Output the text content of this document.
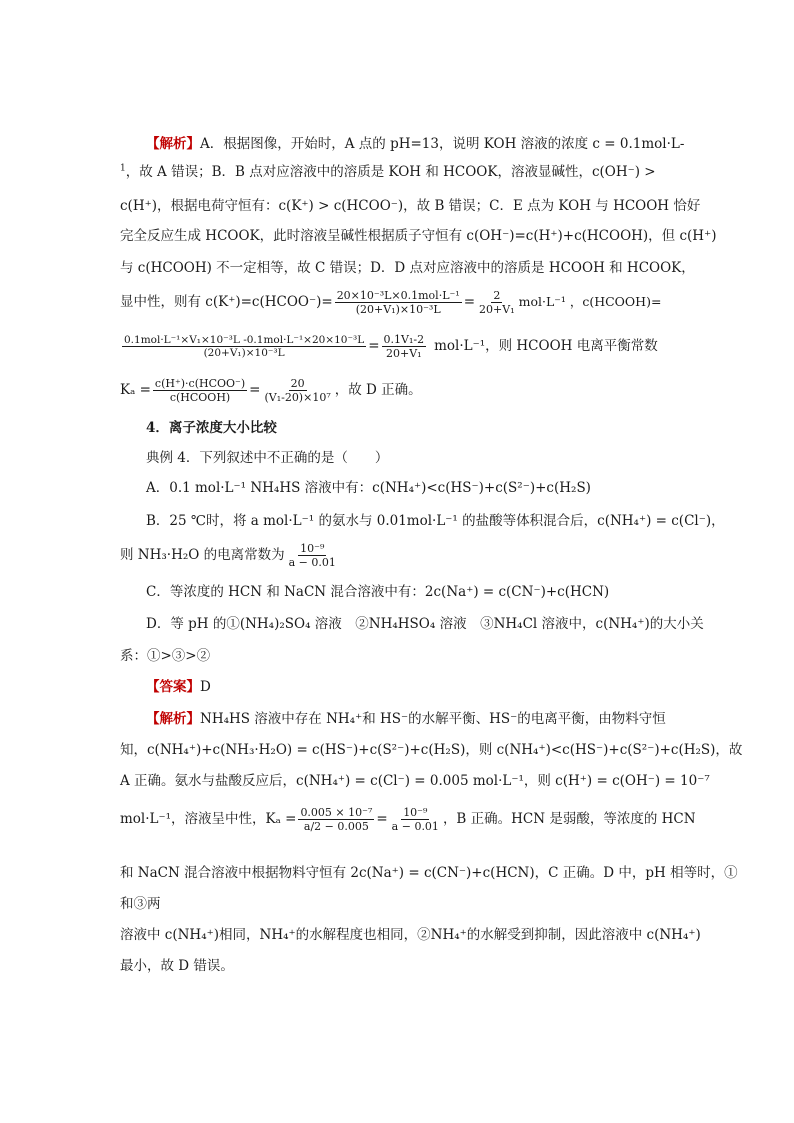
【解析】A．根据图像，开始时，A 点的 pH=13，说明 KOH 溶液的浓度 c = 0.1mol·L-
$^1$，故 A 错误；B．B 点对应溶液中的溶质是 KOH 和 HCOOK，溶液显碱性，c(OH⁻) >
c(H⁺)，根据电荷守恒有：c(K⁺) > c(HCOO⁻)，故 B 错误；C．E 点为 KOH 与 HCOOH 恰好
完全反应生成 HCOOK，此时溶液呈碱性根据质子守恒有 c(OH⁻)=c(H⁺)+c(HCOOH)，但 c(H⁺)
与 c(HCOOH) 不一定相等，故 C 错误；D．D 点对应溶液中的溶质是 HCOOH 和 HCOOK，
显中性，则有 c(K⁺)=c(HCOO⁻)= $\frac{\text{20×10⁻³L×0.1mol·L⁻¹}}{\text{(20+V₁)×10⁻³L}} = \frac{2}{\text{20+V₁}} mol\cdot L^{-1}$ ，c(HCOOH)=
$\frac{\text{0.1mol·L⁻¹×V₁×10⁻³L -0.1mol·L⁻¹×20×10⁻³L}}{\text{(20+V₁)×10⁻³L}} = \frac{\text{0.1V₁-2}}{\text{20+V₁}} mol\cdot L^{-1}$，则 HCOOH 电离平衡常数
$K_a = \frac{\text{c(H⁺)·c(HCOO⁻)}}{\text{c(HCOOH)}} = \frac{20}{\text{(V₁-20)×10⁷}}$ ，故 D 正确。
4．离子浓度大小比较
典例 4．下列叙述中不正确的是（　　）
A．0.1 mol·L⁻¹ NH₄HS 溶液中有：c(NH₄⁺)<c(HS⁻)+c(S²⁻)+c(H₂S)
B．25 ℃时，将 a mol·L⁻¹ 的氨水与 0.01mol·L⁻¹ 的盐酸等体积混合后，c(NH₄⁺) = c(Cl⁻)，
则 NH₃·H₂O 的电离常数为 $\frac{\text{10⁻⁹}}{a - 0.01}$
C．等浓度的 HCN 和 NaCN 混合溶液中有：2c(Na⁺) = c(CN⁻)+c(HCN)
D．等 pH 的①(NH₄)₂SO₄ 溶液　②NH₄HSO₄ 溶液　③NH₄Cl 溶液中，c(NH₄⁺)的大小关
系：①>③>②
【答案】D
【解析】NH₄HS 溶液中存在 NH₄⁺和 HS⁻的水解平衡、HS⁻的电离平衡，由物料守恒
知，c(NH₄⁺)+c(NH₃·H₂O) = c(HS⁻)+c(S²⁻)+c(H₂S)，则 c(NH₄⁺)<c(HS⁻)+c(S²⁻)+c(H₂S)，故
A 正确。氨水与盐酸反应后，c(NH₄⁺) = c(Cl⁻) = 0.005 mol·L⁻¹，则 c(H⁺) = c(OH⁻) = 10⁻⁷
mol·L⁻¹，溶液呈中性，$K_a = \frac{\text{0.005 × 10⁻⁷}}{a/2 - 0.005} = \frac{\text{10⁻⁹}}{a - 0.01}$ ，B 正确。HCN 是弱酸，等浓度的 HCN
和 NaCN 混合溶液中根据物料守恒有 2c(Na⁺) = c(CN⁻)+c(HCN)，C 正确。D 中，pH 相等时，①
和③两
溶液中 c(NH₄⁺)相同，NH₄⁺的水解程度也相同，②NH₄⁺的水解受到抑制，因此溶液中 c(NH₄⁺)
最小，故 D 错误。
